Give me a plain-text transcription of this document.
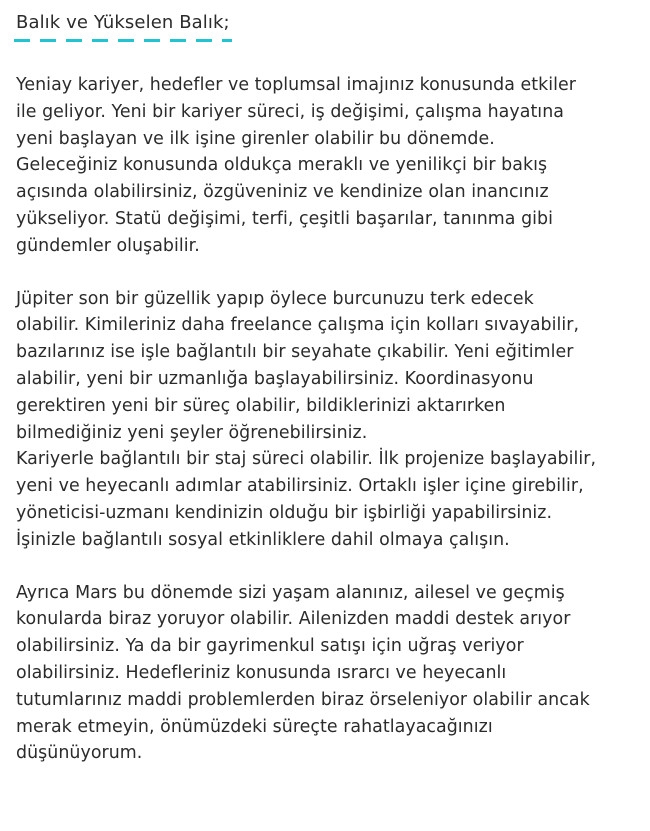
Balık ve Yükselen Balık;

Yeniay kariyer, hedefler ve toplumsal imajınız konusunda etkiler
ile geliyor. Yeni bir kariyer süreci, iş değişimi, çalışma hayatına
yeni başlayan ve ilk işine girenler olabilir bu dönemde.
Geleceğiniz konusunda oldukça meraklı ve yenilikçi bir bakış
açısında olabilirsiniz, özgüveniniz ve kendinize olan inancınız
yükseliyor. Statü değişimi, terfi, çeşitli başarılar, tanınma gibi
gündemler oluşabilir.

Jüpiter son bir güzellik yapıp öylece burcunuzu terk edecek
olabilir. Kimileriniz daha freelance çalışma için kolları sıvayabilir,
bazılarınız ise işle bağlantılı bir seyahate çıkabilir. Yeni eğitimler
alabilir, yeni bir uzmanlığa başlayabilirsiniz. Koordinasyonu
gerektiren yeni bir süreç olabilir, bildiklerinizi aktarırken
bilmediğiniz yeni şeyler öğrenebilirsiniz.

Kariyerle bağlantılı bir staj süreci olabilir. İlk projenize başlayabilir,
yeni ve heyecanlı adımlar atabilirsiniz. Ortaklı işler içine girebilir,
yöneticisi-uzmanı kendinizin olduğu bir işbirliği yapabilirsiniz.
İşinizle bağlantılı sosyal etkinliklere dahil olmaya çalışın.

Ayrıca Mars bu dönemde sizi yaşam alanınız, ailesel ve geçmiş
konularda biraz yoruyor olabilir. Ailenizden maddi destek arıyor
olabilirsiniz. Ya da bir gayrimenkul satışı için uğraş veriyor
olabilirsiniz. Hedefleriniz konusunda ısrarcı ve heyecanlı
tutumlarınız maddi problemlerden biraz örseleniyor olabilir ancak
merak etmeyin, önümüzdeki süreçte rahatlayacağınızı
düşünüyorum.
